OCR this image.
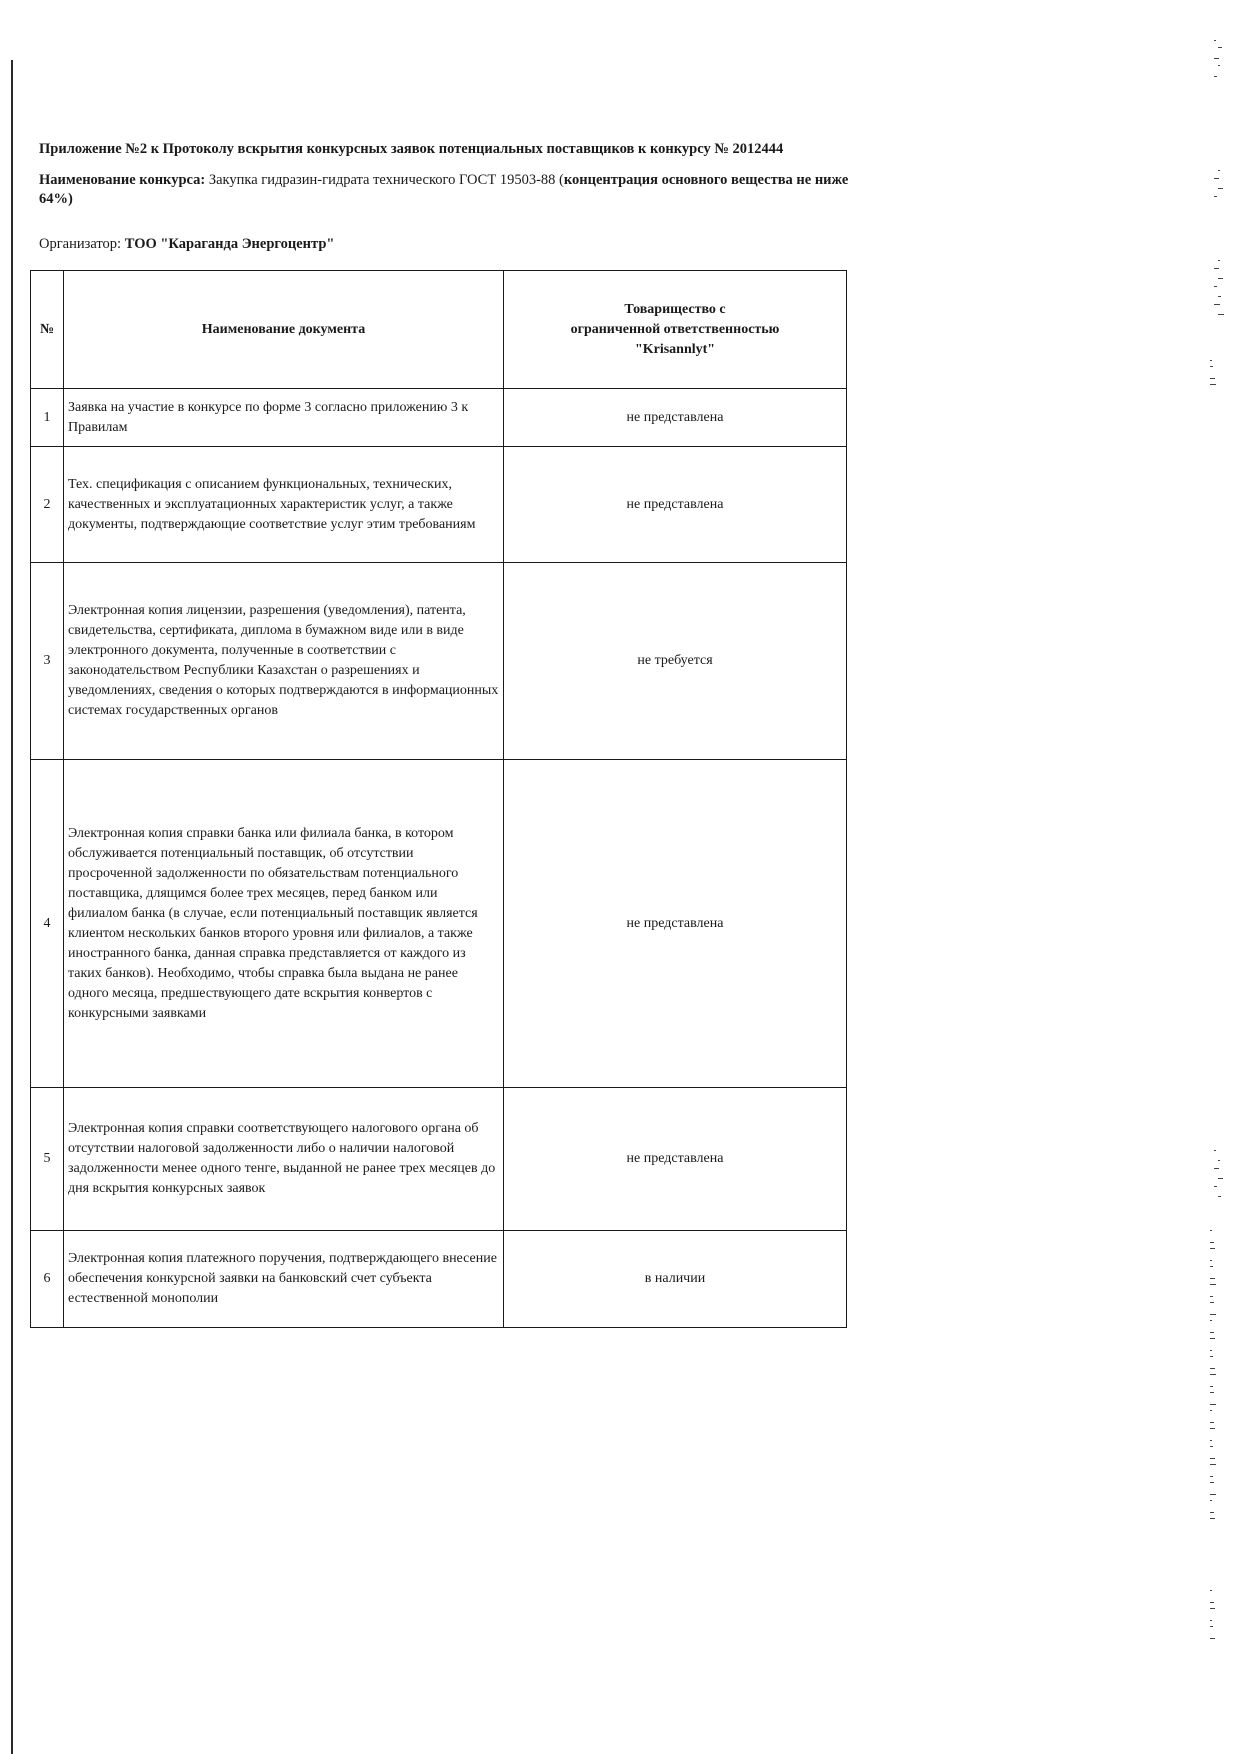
Приложение №2 к Протоколу вскрытия конкурсных заявок потенциальных поставщиков к конкурсу № 2012444
Наименование конкурса: Закупка гидразин-гидрата технического ГОСТ 19503-88 (концентрация основного вещества не ниже 64%)
Организатор: ТОО "Караганда Энергоцентр"
№	Наименование документа	Товарищество с
ограниченной ответственностью
"Krisannlyt"

1	Заявка на участие в конкурсе по форме 3 согласно приложению 3 к Правилам	не представлена
2	Тех. спецификация с описанием функциональных, технических, качественных и эксплуатационных характеристик услуг, а также документы, подтверждающие соответствие услуг этим требованиям	не представлена
3	Электронная копия лицензии, разрешения (уведомления), патента, свидетельства, сертификата, диплома в бумажном виде или в виде электронного документа, полученные в соответствии с законодательством Республики Казахстан о разрешениях и уведомлениях, сведения о которых подтверждаются в информационных системах государственных органов	не требуется
4	Электронная копия справки банка или филиала банка, в котором обслуживается потенциальный поставщик, об отсутствии просроченной задолженности по обязательствам потенциального поставщика, длящимся более трех месяцев, перед банком или филиалом банка (в случае, если потенциальный поставщик является клиентом нескольких банков второго уровня или филиалов, а также иностранного банка, данная справка представляется от каждого из таких банков). Необходимо, чтобы справка была выдана не ранее одного месяца, предшествующего дате вскрытия конвертов с конкурсными заявками	не представлена
5	Электронная копия справки соответствующего налогового органа об отсутствии налоговой задолженности либо о наличии налоговой задолженности менее одного тенге, выданной не ранее трех месяцев до дня вскрытия конкурсных заявок	не представлена
6	Электронная копия платежного поручения, подтверждающего внесение обеспечения конкурсной заявки на банковский счет субъекта естественной монополии	в наличии
